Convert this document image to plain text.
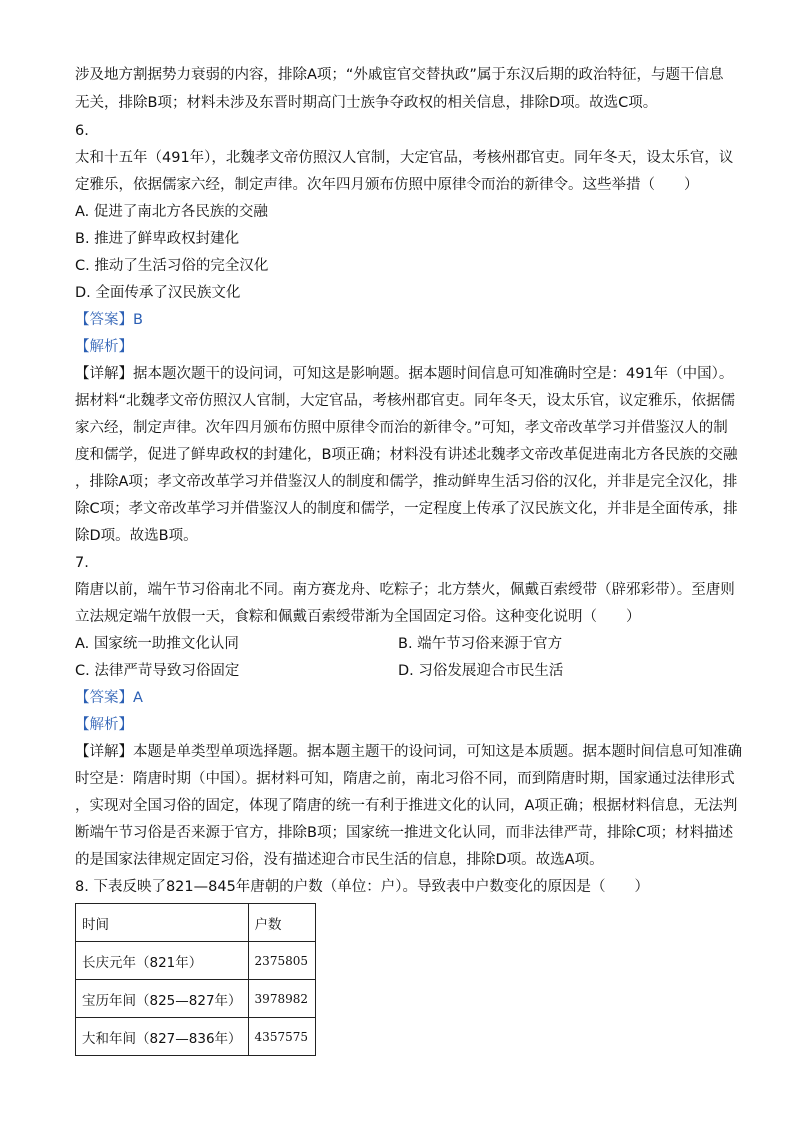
涉及地方割据势力衰弱的内容，排除A项；“外戚宦官交替执政”属于东汉后期的政治特征，与题干信息
无关，排除B项；材料未涉及东晋时期高门士族争夺政权的相关信息，排除D项。故选C项。
6.
太和十五年（491年），北魏孝文帝仿照汉人官制，大定官品，考核州郡官吏。同年冬天，设太乐官，议
定雅乐，依据儒家六经，制定声律。次年四月颁布仿照中原律令而治的新律令。这些举措（　　）
A. 促进了南北方各民族的交融
B. 推进了鲜卑政权封建化
C. 推动了生活习俗的完全汉化
D. 全面传承了汉民族文化
【答案】B
【解析】
【详解】据本题次题干的设问词，可知这是影响题。据本题时间信息可知准确时空是：491年（中国）。
据材料“北魏孝文帝仿照汉人官制，大定官品，考核州郡官吏。同年冬天，设太乐官，议定雅乐，依据儒
家六经，制定声律。次年四月颁布仿照中原律令而治的新律令。”可知，孝文帝改革学习并借鉴汉人的制
度和儒学，促进了鲜卑政权的封建化，B项正确；材料没有讲述北魏孝文帝改革促进南北方各民族的交融
，排除A项；孝文帝改革学习并借鉴汉人的制度和儒学，推动鲜卑生活习俗的汉化，并非是完全汉化，排
除C项；孝文帝改革学习并借鉴汉人的制度和儒学，一定程度上传承了汉民族文化，并非是全面传承，排
除D项。故选B项。
7.
隋唐以前，端午节习俗南北不同。南方赛龙舟、吃粽子；北方禁火，佩戴百索绶带（辟邪彩带）。至唐则
立法规定端午放假一天，食粽和佩戴百索绶带渐为全国固定习俗。这种变化说明（　　）
A. 国家统一助推文化认同	B. 端午节习俗来源于官方
C. 法律严苛导致习俗固定	D. 习俗发展迎合市民生活
【答案】A
【解析】
【详解】本题是单类型单项选择题。据本题主题干的设问词，可知这是本质题。据本题时间信息可知准确
时空是：隋唐时期（中国）。据材料可知，隋唐之前，南北习俗不同，而到隋唐时期，国家通过法律形式
，实现对全国习俗的固定，体现了隋唐的统一有利于推进文化的认同，A项正确；根据材料信息，无法判
断端午节习俗是否来源于官方，排除B项；国家统一推进文化认同，而非法律严苛，排除C项；材料描述
的是国家法律规定固定习俗，没有描述迎合市民生活的信息，排除D项。故选A项。
8. 下表反映了821—845年唐朝的户数（单位：户）。导致表中户数变化的原因是（　　）
时间	户数
长庆元年（821年）	2375805
宝历年间（825—827年）	3978982
大和年间（827—836年）	4357575
